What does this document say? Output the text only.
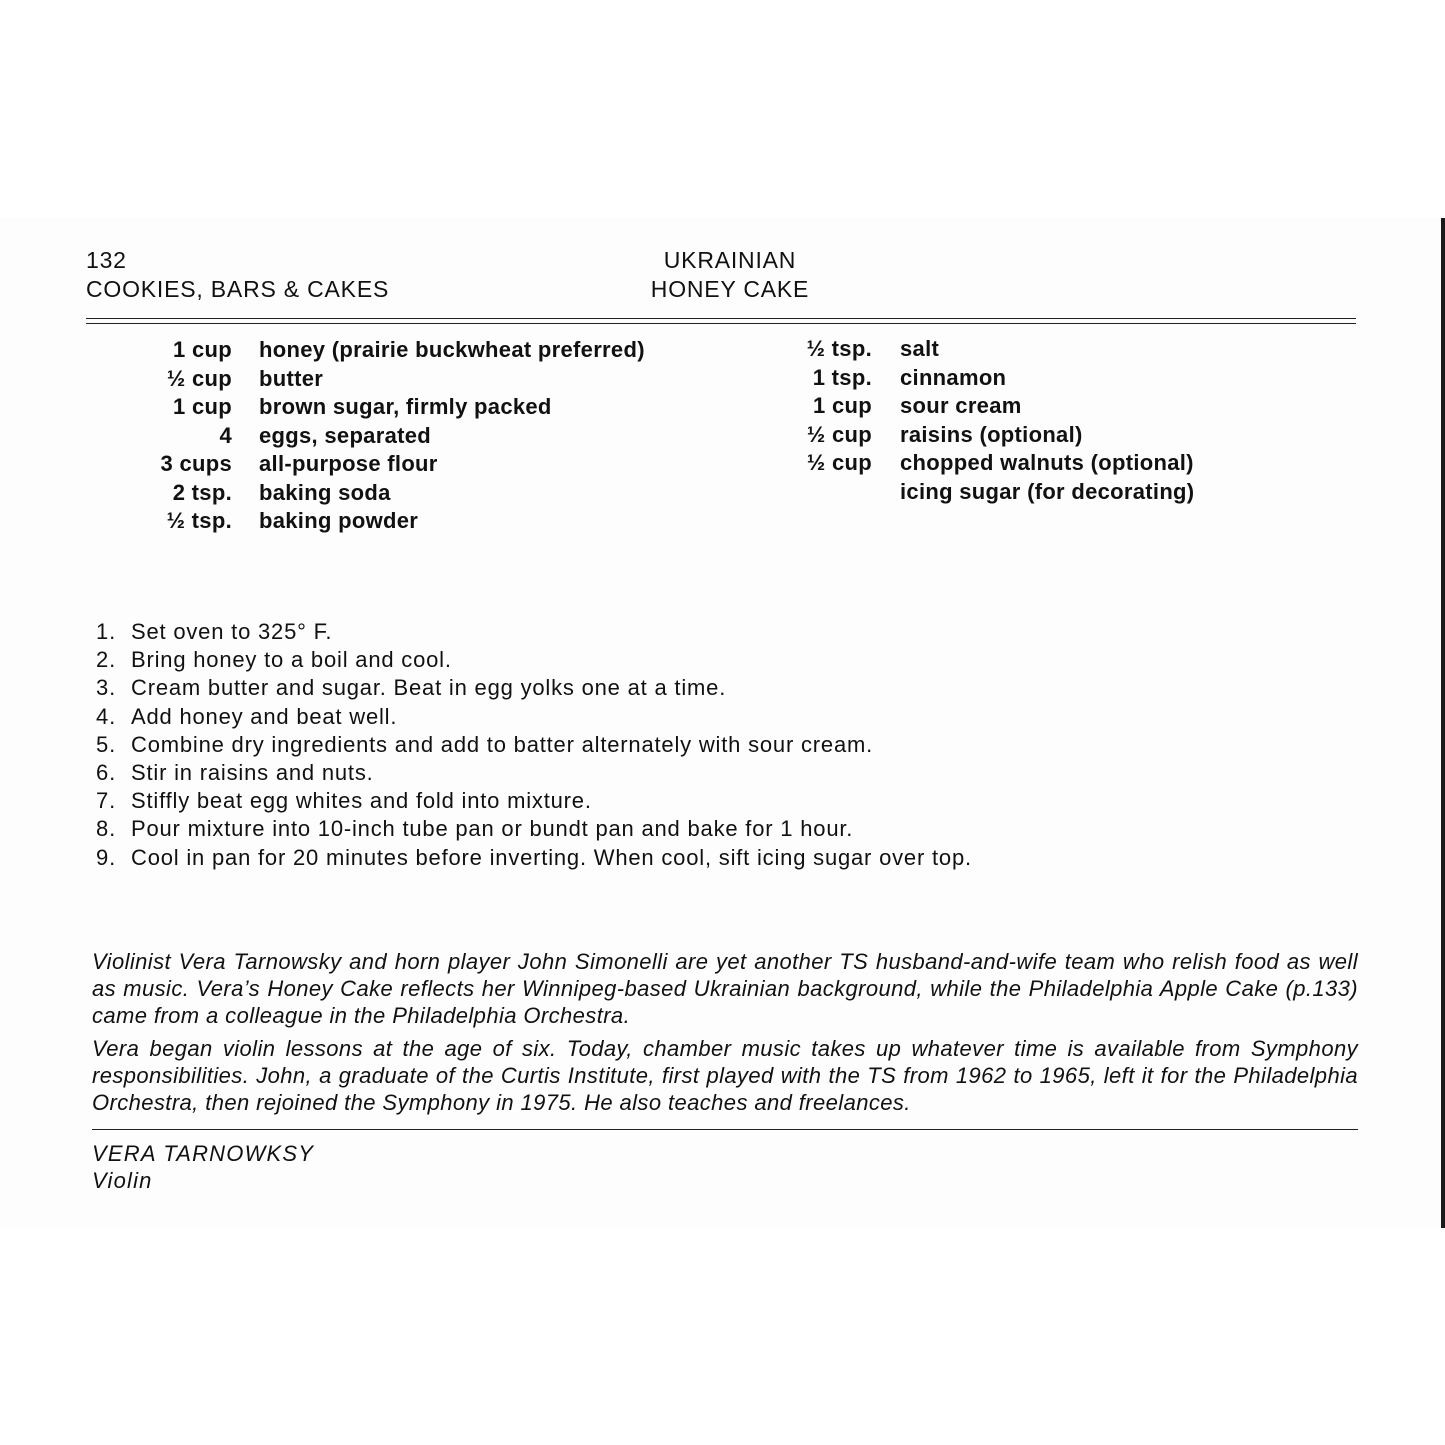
132
COOKIES, BARS & CAKES
UKRAINIAN
HONEY CAKE
1 cup honey (prairie buckwheat preferred)
½ cup butter
1 cup brown sugar, firmly packed
4 eggs, separated
3 cups all-purpose flour
2 tsp. baking soda
½ tsp. baking powder
½ tsp. salt
1 tsp. cinnamon
1 cup sour cream
½ cup raisins (optional)
½ cup chopped walnuts (optional)
icing sugar (for decorating)
1. Set oven to 325° F.
2. Bring honey to a boil and cool.
3. Cream butter and sugar. Beat in egg yolks one at a time.
4. Add honey and beat well.
5. Combine dry ingredients and add to batter alternately with sour cream.
6. Stir in raisins and nuts.
7. Stiffly beat egg whites and fold into mixture.
8. Pour mixture into 10-inch tube pan or bundt pan and bake for 1 hour.
9. Cool in pan for 20 minutes before inverting. When cool, sift icing sugar over top.

Violinist Vera Tarnowsky and horn player John Simonelli are yet another TS husband-and-wife team who relish food as well as music. Vera’s Honey Cake reflects her Winnipeg-based Ukrainian background, while the Philadelphia Apple Cake (p.133) came from a colleague in the Philadelphia Orchestra.

Vera began violin lessons at the age of six. Today, chamber music takes up whatever time is available from Symphony responsibilities. John, a graduate of the Curtis Institute, first played with the TS from 1962 to 1965, left it for the Philadelphia Orchestra, then rejoined the Symphony in 1975. He also teaches and freelances.

VERA TARNOWKSY
Violin
